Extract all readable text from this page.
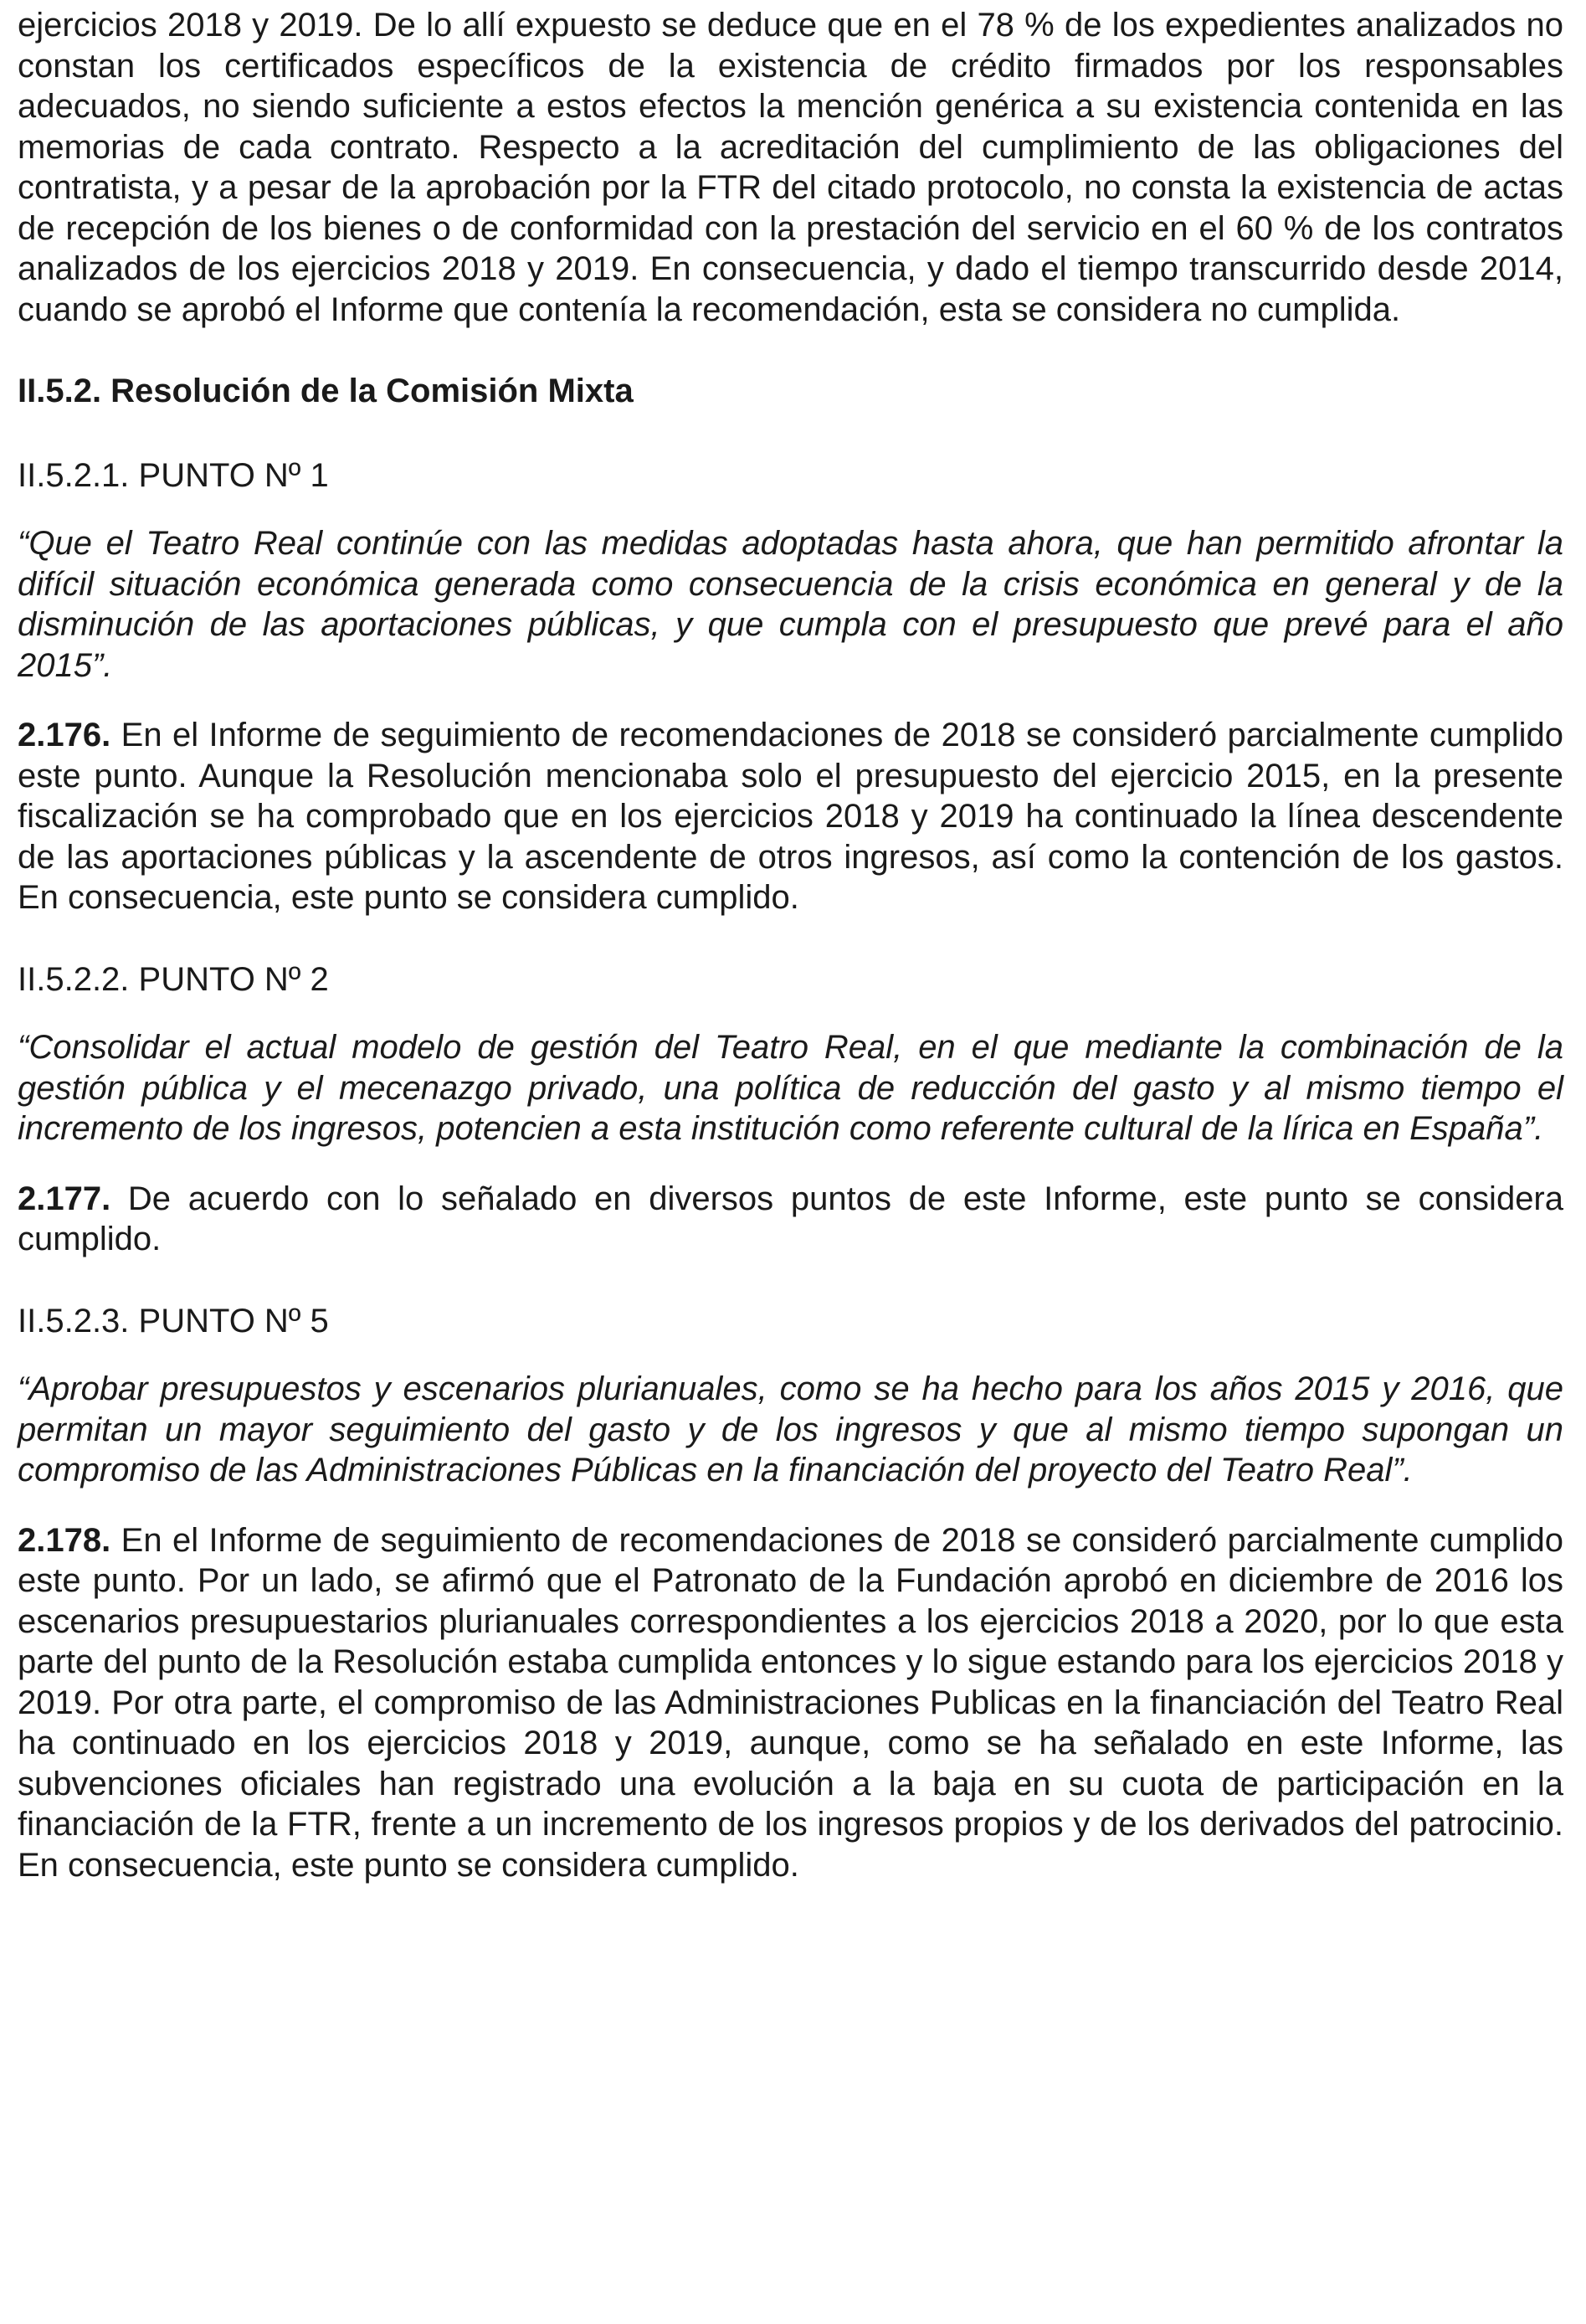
ejercicios 2018 y 2019. De lo allí expuesto se deduce que en el 78 % de los expedientes analizados no constan los certificados específicos de la existencia de crédito firmados por los responsables adecuados, no siendo suficiente a estos efectos la mención genérica a su existencia contenida en las memorias de cada contrato. Respecto a la acreditación del cumplimiento de las obligaciones del contratista, y a pesar de la aprobación por la FTR del citado protocolo, no consta la existencia de actas de recepción de los bienes o de conformidad con la prestación del servicio en el 60 % de los contratos analizados de los ejercicios 2018 y 2019. En consecuencia, y dado el tiempo transcurrido desde 2014, cuando se aprobó el Informe que contenía la recomendación, esta se considera no cumplida.

II.5.2. Resolución de la Comisión Mixta

II.5.2.1. PUNTO Nº 1

“Que el Teatro Real continúe con las medidas adoptadas hasta ahora, que han permitido afrontar la difícil situación económica generada como consecuencia de la crisis económica en general y de la disminución de las aportaciones públicas, y que cumpla con el presupuesto que prevé para el año 2015”.

2.176. En el Informe de seguimiento de recomendaciones de 2018 se consideró parcialmente cumplido este punto. Aunque la Resolución mencionaba solo el presupuesto del ejercicio 2015, en la presente fiscalización se ha comprobado que en los ejercicios 2018 y 2019 ha continuado la línea descendente de las aportaciones públicas y la ascendente de otros ingresos, así como la contención de los gastos. En consecuencia, este punto se considera cumplido.

II.5.2.2. PUNTO Nº 2

“Consolidar el actual modelo de gestión del Teatro Real, en el que mediante la combinación de la gestión pública y el mecenazgo privado, una política de reducción del gasto y al mismo tiempo el incremento de los ingresos, potencien a esta institución como referente cultural de la lírica en España”.

2.177. De acuerdo con lo señalado en diversos puntos de este Informe, este punto se considera cumplido.

II.5.2.3. PUNTO Nº 5

“Aprobar presupuestos y escenarios plurianuales, como se ha hecho para los años 2015 y 2016, que permitan un mayor seguimiento del gasto y de los ingresos y que al mismo tiempo supongan un compromiso de las Administraciones Públicas en la financiación del proyecto del Teatro Real”.

2.178. En el Informe de seguimiento de recomendaciones de 2018 se consideró parcialmente cumplido este punto. Por un lado, se afirmó que el Patronato de la Fundación aprobó en diciembre de 2016 los escenarios presupuestarios plurianuales correspondientes a los ejercicios 2018 a 2020, por lo que esta parte del punto de la Resolución estaba cumplida entonces y lo sigue estando para los ejercicios 2018 y 2019. Por otra parte, el compromiso de las Administraciones Publicas en la financiación del Teatro Real ha continuado en los ejercicios 2018 y 2019, aunque, como se ha señalado en este Informe, las subvenciones oficiales han registrado una evolución a la baja en su cuota de participación en la financiación de la FTR, frente a un incremento de los ingresos propios y de los derivados del patrocinio. En consecuencia, este punto se considera cumplido.
